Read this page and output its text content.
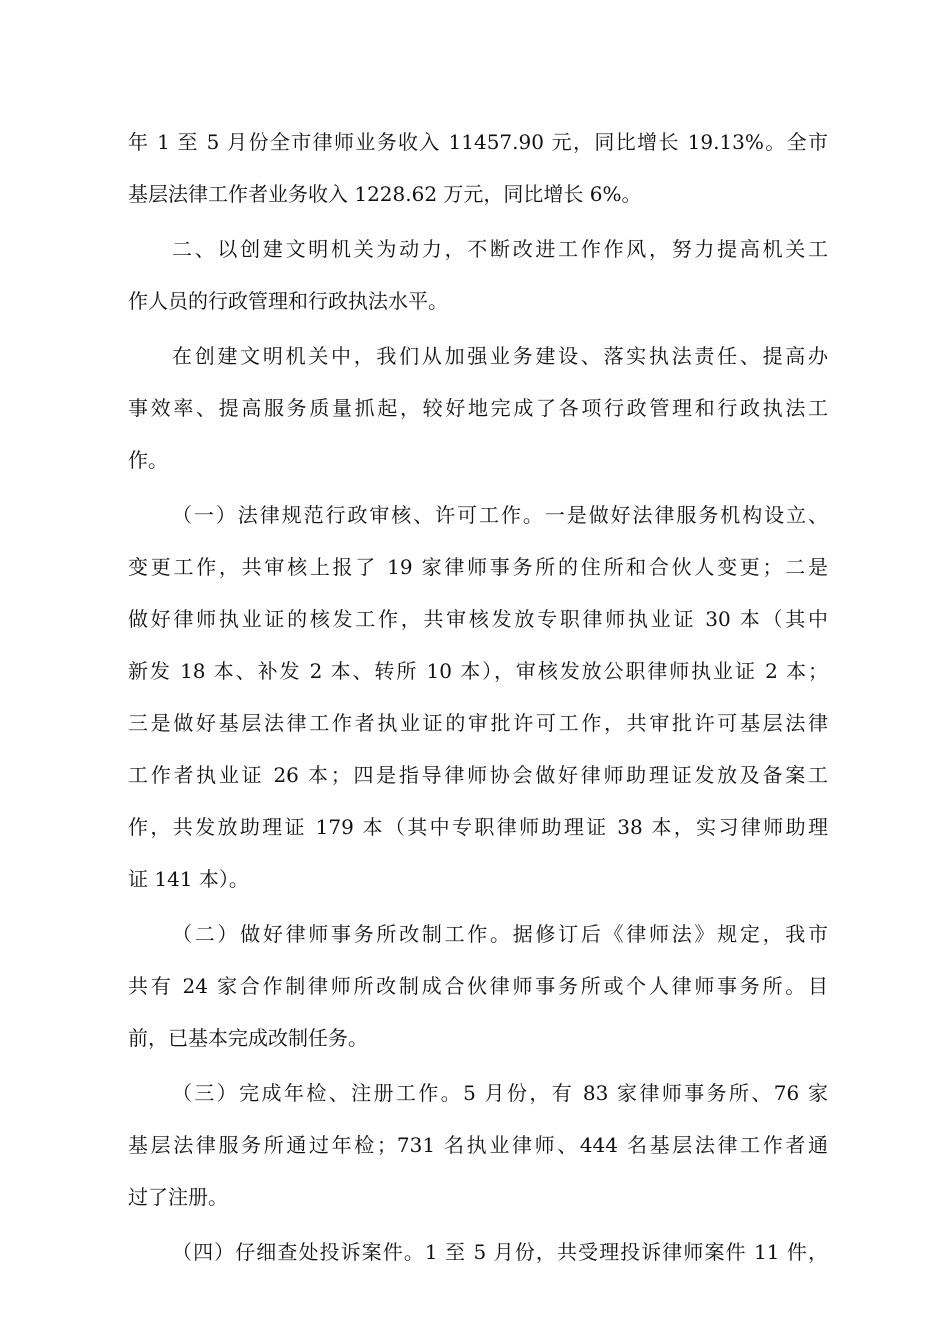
年 1 至 5 月份全市律师业务收入 11457.90 元，同比增长 19.13%。全市
基层法律工作者业务收入 1228.62 万元，同比增长 6%。

二、以创建文明机关为动力，不断改进工作作风，努力提高机关工
作人员的行政管理和行政执法水平。

在创建文明机关中，我们从加强业务建设、落实执法责任、提高办
事效率、提高服务质量抓起，较好地完成了各项行政管理和行政执法工
作。

（一）法律规范行政审核、许可工作。一是做好法律服务机构设立、
变更工作，共审核上报了 19 家律师事务所的住所和合伙人变更；二是
做好律师执业证的核发工作，共审核发放专职律师执业证 30 本（其中
新发 18 本、补发 2 本、转所 10 本），审核发放公职律师执业证 2 本；
三是做好基层法律工作者执业证的审批许可工作，共审批许可基层法律
工作者执业证 26 本；四是指导律师协会做好律师助理证发放及备案工
作，共发放助理证 179 本（其中专职律师助理证 38 本，实习律师助理
证 141 本）。

（二）做好律师事务所改制工作。据修订后《律师法》规定，我市
共有 24 家合作制律师所改制成合伙律师事务所或个人律师事务所。目
前，已基本完成改制任务。

（三）完成年检、注册工作。5 月份，有 83 家律师事务所、76 家
基层法律服务所通过年检；731 名执业律师、444 名基层法律工作者通
过了注册。

（四）仔细查处投诉案件。1 至 5 月份，共受理投诉律师案件 11 件，
